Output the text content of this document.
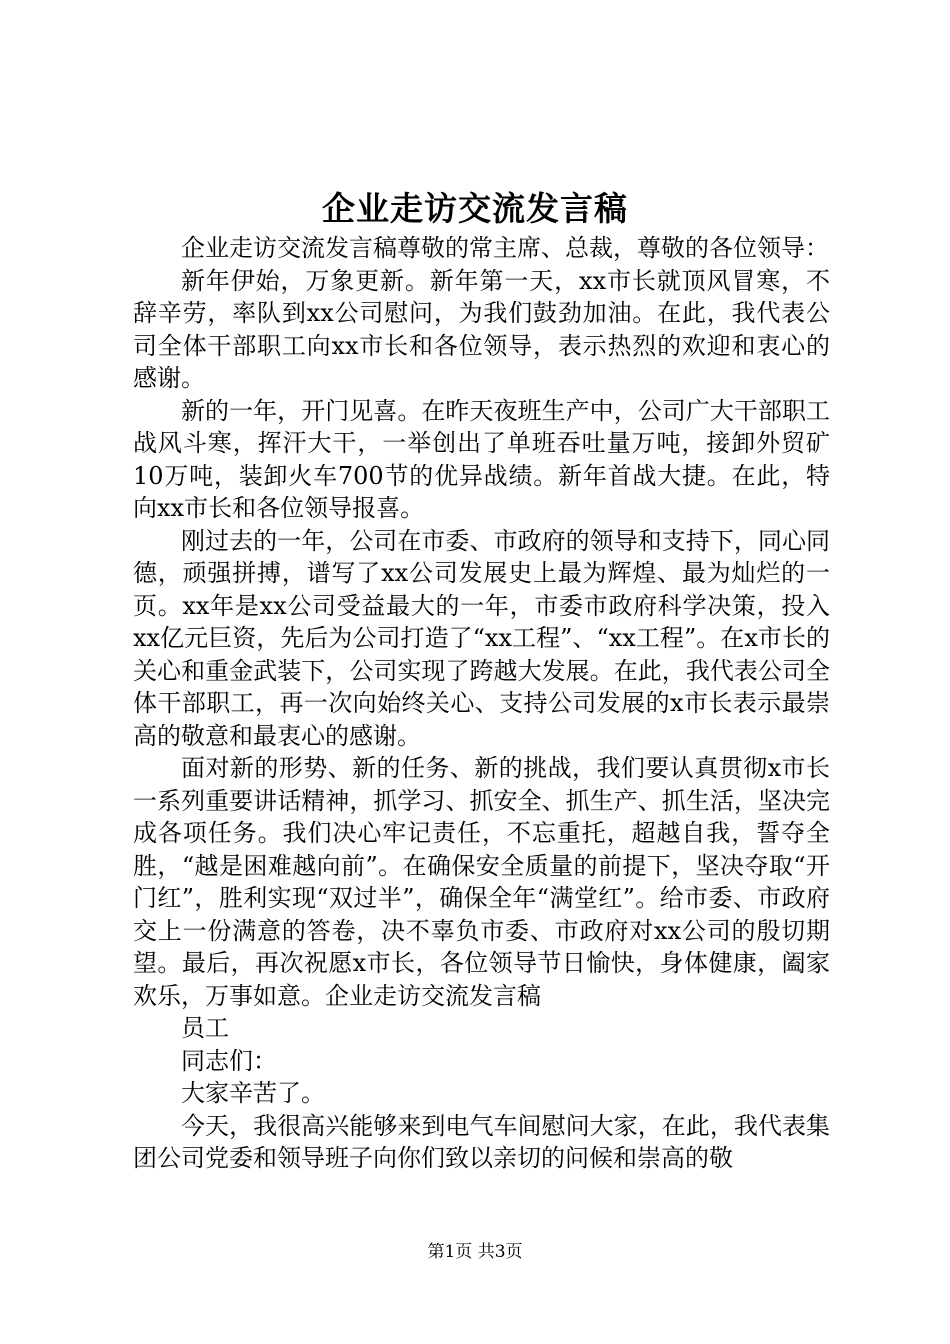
企业走访交流发言稿

企业走访交流发言稿尊敬的常主席、总裁，尊敬的各位领导：

新年伊始，万象更新。新年第一天，xx市长就顶风冒寒，不辞辛劳，率队到xx公司慰问，为我们鼓劲加油。在此，我代表公司全体干部职工向xx市长和各位领导，表示热烈的欢迎和衷心的感谢。

新的一年，开门见喜。在昨天夜班生产中，公司广大干部职工战风斗寒，挥汗大干，一举创出了单班吞吐量万吨，接卸外贸矿10万吨，装卸火车700节的优异战绩。新年首战大捷。在此，特向xx市长和各位领导报喜。

刚过去的一年，公司在市委、市政府的领导和支持下，同心同德，顽强拼搏，谱写了xx公司发展史上最为辉煌、最为灿烂的一页。xx年是xx公司受益最大的一年，市委市政府科学决策，投入xx亿元巨资，先后为公司打造了“xx工程”、“xx工程”。在x市长的关心和重金武装下，公司实现了跨越大发展。在此，我代表公司全体干部职工，再一次向始终关心、支持公司发展的x市长表示最崇高的敬意和最衷心的感谢。

面对新的形势、新的任务、新的挑战，我们要认真贯彻x市长一系列重要讲话精神，抓学习、抓安全、抓生产、抓生活，坚决完成各项任务。我们决心牢记责任，不忘重托，超越自我，誓夺全胜，“越是困难越向前”。在确保安全质量的前提下，坚决夺取“开门红”，胜利实现“双过半”，确保全年“满堂红”。给市委、市政府交上一份满意的答卷，决不辜负市委、市政府对xx公司的殷切期望。最后，再次祝愿x市长，各位领导节日愉快，身体健康，阖家欢乐，万事如意。企业走访交流发言稿

员工

同志们：

大家辛苦了。

今天，我很高兴能够来到电气车间慰问大家，在此，我代表集团公司党委和领导班子向你们致以亲切的问候和崇高的敬

第1页 共3页
